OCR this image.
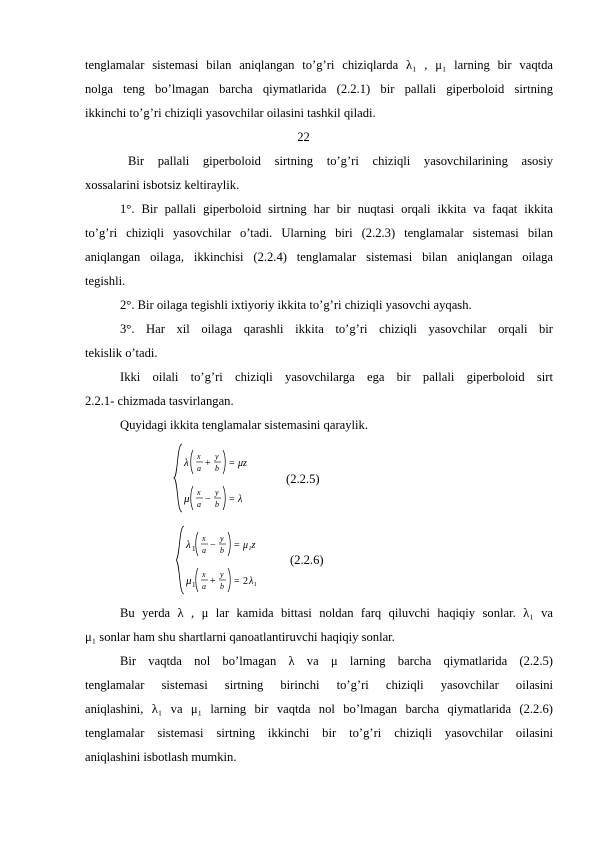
tenglamalar sistemasi bilan aniqlangan to’g’ri chiziqlarda λ₁ , μ₁ larning bir vaqtda
nolga teng bo’lmagan barcha qiymatlarida (2.2.1) bir pallali giperboloid sirtning
ikkinchi to’g’ri chiziqli yasovchilar oilasini tashkil qiladi.
22
Bir pallali giperboloid sirtning to’g’ri chiziqli yasovchilarining asosiy
xossalarini isbotsiz keltiraylik.
1°. Bir pallali giperboloid sirtning har bir nuqtasi orqali ikkita va faqat ikkita
to’g’ri chiziqli yasovchilar o’tadi. Ularning biri (2.2.3) tenglamalar sistemasi bilan
aniqlangan oilaga, ikkinchisi (2.2.4) tenglamalar sistemasi bilan aniqlangan oilaga
tegishli.
2°. Bir oilaga tegishli ixtiyoriy ikkita to’g’ri chiziqli yasovchi ayqash.
3°. Har xil oilaga qarashli ikkita to’g’ri chiziqli yasovchilar orqali bir
tekislik o’tadi.
Ikki oilali to’g’ri chiziqli yasovchilarga ega bir pallali giperboloid sirt
2.2.1- chizmada tasvirlangan.
Quyidagi ikkita tenglamalar sistemasini qaraylik.
λ
x
a +
y
b = μz
μ
x
a −
y
b = λ
(2.2.5)
λ 1
x
a −
y
b = μ₁z
μ 1
x
a +
y
b = 2 λ₁
(2.2.6)
Bu yerda λ , μ lar kamida bittasi noldan farq qiluvchi haqiqiy sonlar. λ₁ va
μ₁ sonlar ham shu shartlarni qanoatlantiruvchi haqiqiy sonlar.
Bir vaqtda nol bo’lmagan λ va μ larning barcha qiymatlarida (2.2.5)
tenglamalar sistemasi sirtning birinchi to’g’ri chiziqli yasovchilar oilasini
aniqlashini, λ₁ va μ₁ larning bir vaqtda nol bo’lmagan barcha qiymatlarida (2.2.6)
tenglamalar sistemasi sirtning ikkinchi bir to’g’ri chiziqli yasovchilar oilasini
aniqlashini isbotlash mumkin.
